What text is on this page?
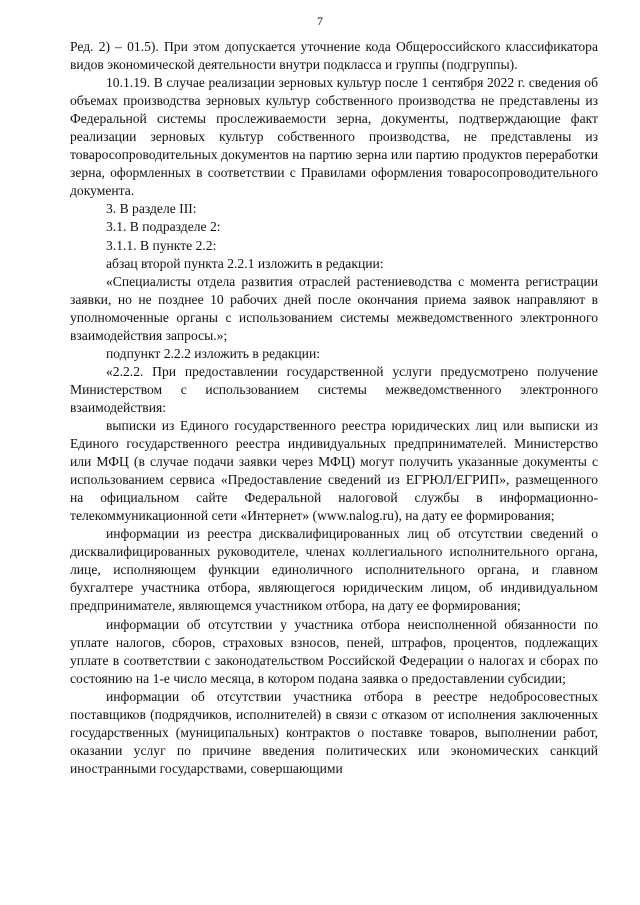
7

Ред. 2) – 01.5). При этом допускается уточнение кода Общероссийского классификатора видов экономической деятельности внутри подкласса и группы (подгруппы).

10.1.19. В случае реализации зерновых культур после 1 сентября 2022 г. сведения об объемах производства зерновых культур собственного производства не представлены из Федеральной системы прослеживаемости зерна, документы, подтверждающие факт реализации зерновых культур собственного производства, не представлены из товаросопроводительных документов на партию зерна или партию продуктов переработки зерна, оформленных в соответствии с Правилами оформления товаросопроводительного документа.

3. В разделе III:

3.1. В подразделе 2:

3.1.1. В пункте 2.2:

абзац второй пункта 2.2.1 изложить в редакции:

«Специалисты отдела развития отраслей растениеводства с момента регистрации заявки, но не позднее 10 рабочих дней после окончания приема заявок направляют в уполномоченные органы с использованием системы межведомственного электронного взаимодействия запросы.»;

подпункт 2.2.2 изложить в редакции:

«2.2.2. При предоставлении государственной услуги предусмотрено получение Министерством с использованием системы межведомственного электронного взаимодействия:

выписки из Единого государственного реестра юридических лиц или выписки из Единого государственного реестра индивидуальных предпринимателей. Министерство или МФЦ (в случае подачи заявки через МФЦ) могут получить указанные документы с использованием сервиса «Предоставление сведений из ЕГРЮЛ/ЕГРИП», размещенного на официальном сайте Федеральной налоговой службы в информационно-телекоммуникационной сети «Интернет» (www.nalog.ru), на дату ее формирования;

информации из реестра дисквалифицированных лиц об отсутствии сведений о дисквалифицированных руководителе, членах коллегиального исполнительного органа, лице, исполняющем функции единоличного исполнительного органа, и главном бухгалтере участника отбора, являющегося юридическим лицом, об индивидуальном предпринимателе, являющемся участником отбора, на дату ее формирования;

информации об отсутствии у участника отбора неисполненной обязанности по уплате налогов, сборов, страховых взносов, пеней, штрафов, процентов, подлежащих уплате в соответствии с законодательством Российской Федерации о налогах и сборах по состоянию на 1-е число месяца, в котором подана заявка о предоставлении субсидии;

информации об отсутствии участника отбора в реестре недобросовестных поставщиков (подрядчиков, исполнителей) в связи с отказом от исполнения заключенных государственных (муниципальных) контрактов о поставке товаров, выполнении работ, оказании услуг по причине введения политических или экономических санкций иностранными государствами, совершающими
